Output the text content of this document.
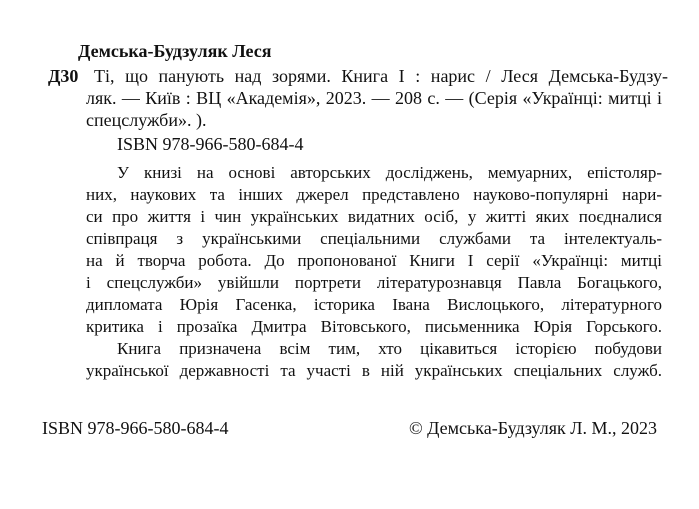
Демська-Будзуляк Леся
Д30 Ті, що панують над зорями. Книга І : нарис / Леся Демська-Будзу-
ляк. — Київ : ВЦ «Академія», 2023. — 208 с. — (Серія «Українці: митці і
спецслужби». ).
ISBN 978-966-580-684-4
У книзі на основі авторських досліджень, мемуарних, епістоляр-
них, наукових та інших джерел представлено науково-популярні нари-
си про життя і чин українських видатних осіб, у житті яких поєдналися
співпраця з українськими спеціальними службами та інтелектуаль-
на й творча робота. До пропонованої Книги І серії «Українці: митці
і спецслужби» увійшли портрети літературознавця Павла Богацького,
дипломата Юрія Гасенка, історика Івана Вислоцького, літературного
критика і прозаїка Дмитра Вітовського, письменника Юрія Горського.
Книга призначена всім тим, хто цікавиться історією побудови
української державності та участі в ній українських спеціальних служб.
ISBN 978-966-580-684-4	© Демська-Будзуляк Л. М., 2023
